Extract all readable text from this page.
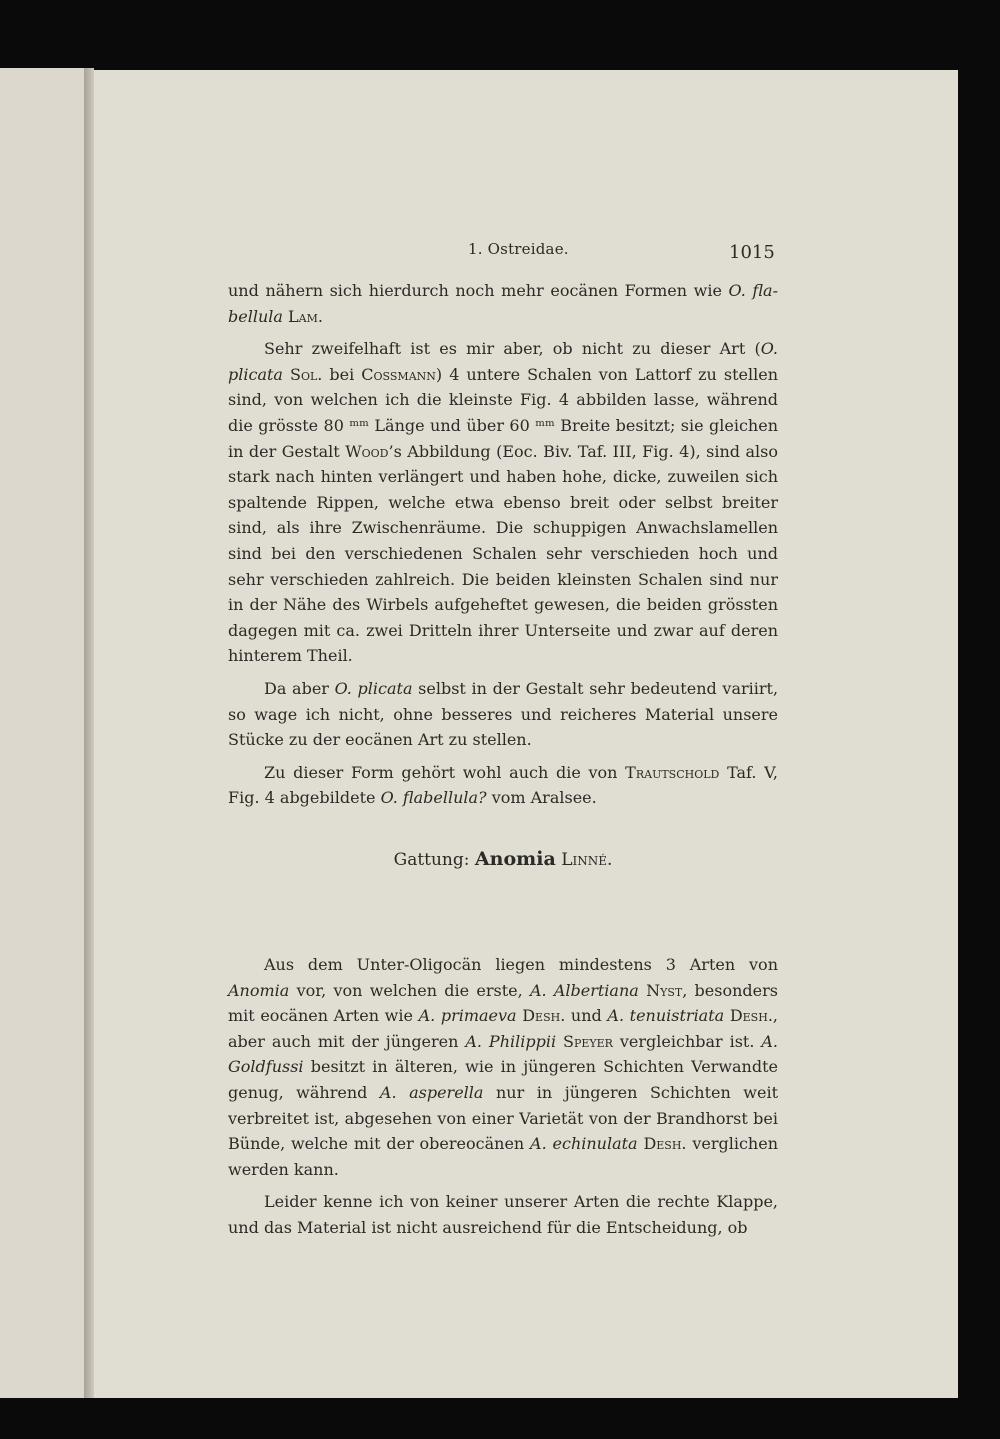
1. Ostreidae.	1015

und nähern sich hierdurch noch mehr eocänen Formen wie O. fla-bellula Lam.

Sehr zweifelhaft ist es mir aber, ob nicht zu dieser Art (O. plicata Sol. bei Cossmann) 4 untere Schalen von Lattorf zu stellen sind, von welchen ich die kleinste Fig. 4 abbilden lasse, während die grösste 80 ᵐᵐ Länge und über 60 ᵐᵐ Breite besitzt; sie gleichen in der Gestalt Wood’s Abbildung (Eoc. Biv. Taf. III, Fig. 4), sind also stark nach hinten verlängert und haben hohe, dicke, zuweilen sich spaltende Rippen, welche etwa ebenso breit oder selbst breiter sind, als ihre Zwischenräume. Die schuppigen Anwachslamellen sind bei den verschiedenen Schalen sehr verschieden hoch und sehr verschieden zahlreich. Die beiden kleinsten Schalen sind nur in der Nähe des Wirbels aufgeheftet gewesen, die beiden grössten dagegen mit ca. zwei Dritteln ihrer Unterseite und zwar auf deren hinterem Theil.

Da aber O. plicata selbst in der Gestalt sehr bedeutend variirt, so wage ich nicht, ohne besseres und reicheres Material unsere Stücke zu der eocänen Art zu stellen.

Zu dieser Form gehört wohl auch die von Trautschold Taf. V, Fig. 4 abgebildete O. flabellula? vom Aralsee.

Gattung: Anomia Linné.

Aus dem Unter-Oligocän liegen mindestens 3 Arten von Anomia vor, von welchen die erste, A. Albertiana Nyst, besonders mit eocänen Arten wie A. primaeva Desh. und A. tenuistriata Desh., aber auch mit der jüngeren A. Philippii Speyer vergleichbar ist. A. Goldfussi besitzt in älteren, wie in jüngeren Schichten Verwandte genug, während A. asperella nur in jüngeren Schichten weit verbreitet ist, abgesehen von einer Varietät von der Brandhorst bei Bünde, welche mit der obereocänen A. echinulata Desh. verglichen werden kann.

Leider kenne ich von keiner unserer Arten die rechte Klappe, und das Material ist nicht ausreichend für die Entscheidung, ob
